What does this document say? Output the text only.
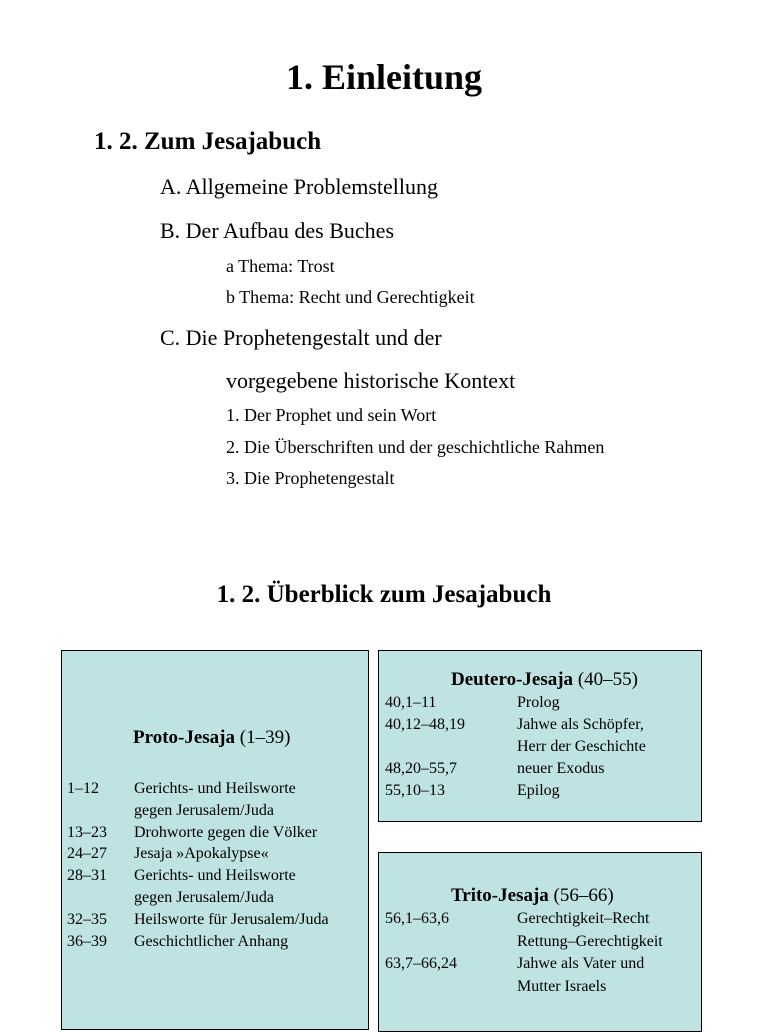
1. Einleitung
1. 2. Zum Jesajabuch
A. Allgemeine Problemstellung
B. Der Aufbau des Buches
a Thema: Trost
b Thema: Recht und Gerechtigkeit
C. Die Prophetengestalt und der
vorgegebene historische Kontext
1. Der Prophet und sein Wort
2. Die Überschriften und der geschichtliche Rahmen
3. Die Prophetengestalt
1. 2. Überblick zum Jesajabuch
Proto-Jesaja (1–39)
1–12 Gerichts- und Heilsworte
gegen Jerusalem/Juda
13–23 Drohworte gegen die Völker
24–27 Jesaja »Apokalypse«
28–31 Gerichts- und Heilsworte
gegen Jerusalem/Juda
32–35 Heilsworte für Jerusalem/Juda
36–39 Geschichtlicher Anhang
Deutero-Jesaja (40–55)
40,1–11	Prolog
40,12–48,19	Jahwe als Schöpfer,
Herr der Geschichte
48,20–55,7	neuer Exodus
55,10–13	Epilog
Trito-Jesaja (56–66)
56,1–63,6	Gerechtigkeit–Recht
Rettung–Gerechtigkeit
63,7–66,24	Jahwe als Vater und
Mutter Israels
